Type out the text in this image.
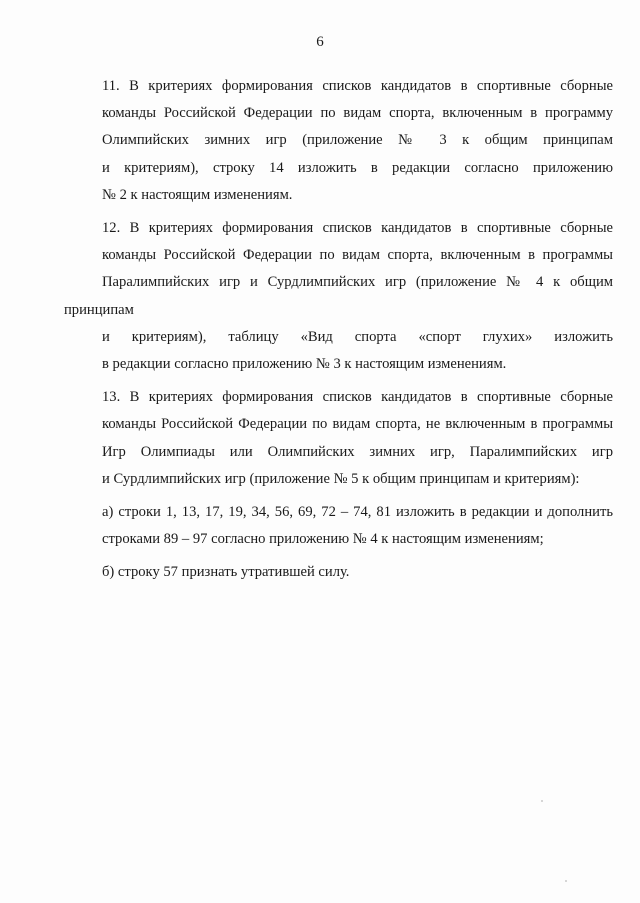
6
11. В критериях формирования списков кандидатов в спортивные сборные
команды Российской Федерации по видам спорта, включенным в программу
Олимпийских зимних игр (приложение № 3 к общим принципам
и критериям), строку 14 изложить в редакции согласно приложению
№ 2 к настоящим изменениям.
12. В критериях формирования списков кандидатов в спортивные сборные
команды Российской Федерации по видам спорта, включенным в программы
Паралимпийских игр и Сурдлимпийских игр (приложение № 4 к общим принципам
и критериям), таблицу «Вид спорта «спорт глухих» изложить
в редакции согласно приложению № 3 к настоящим изменениям.
13. В критериях формирования списков кандидатов в спортивные сборные
команды Российской Федерации по видам спорта, не включенным в программы
Игр Олимпиады или Олимпийских зимних игр, Паралимпийских игр
и Сурдлимпийских игр (приложение № 5 к общим принципам и критериям):
а) строки 1, 13, 17, 19, 34, 56, 69, 72 – 74, 81 изложить в редакции и дополнить
строками 89 – 97 согласно приложению № 4 к настоящим изменениям;
б) строку 57 признать утратившей силу.
